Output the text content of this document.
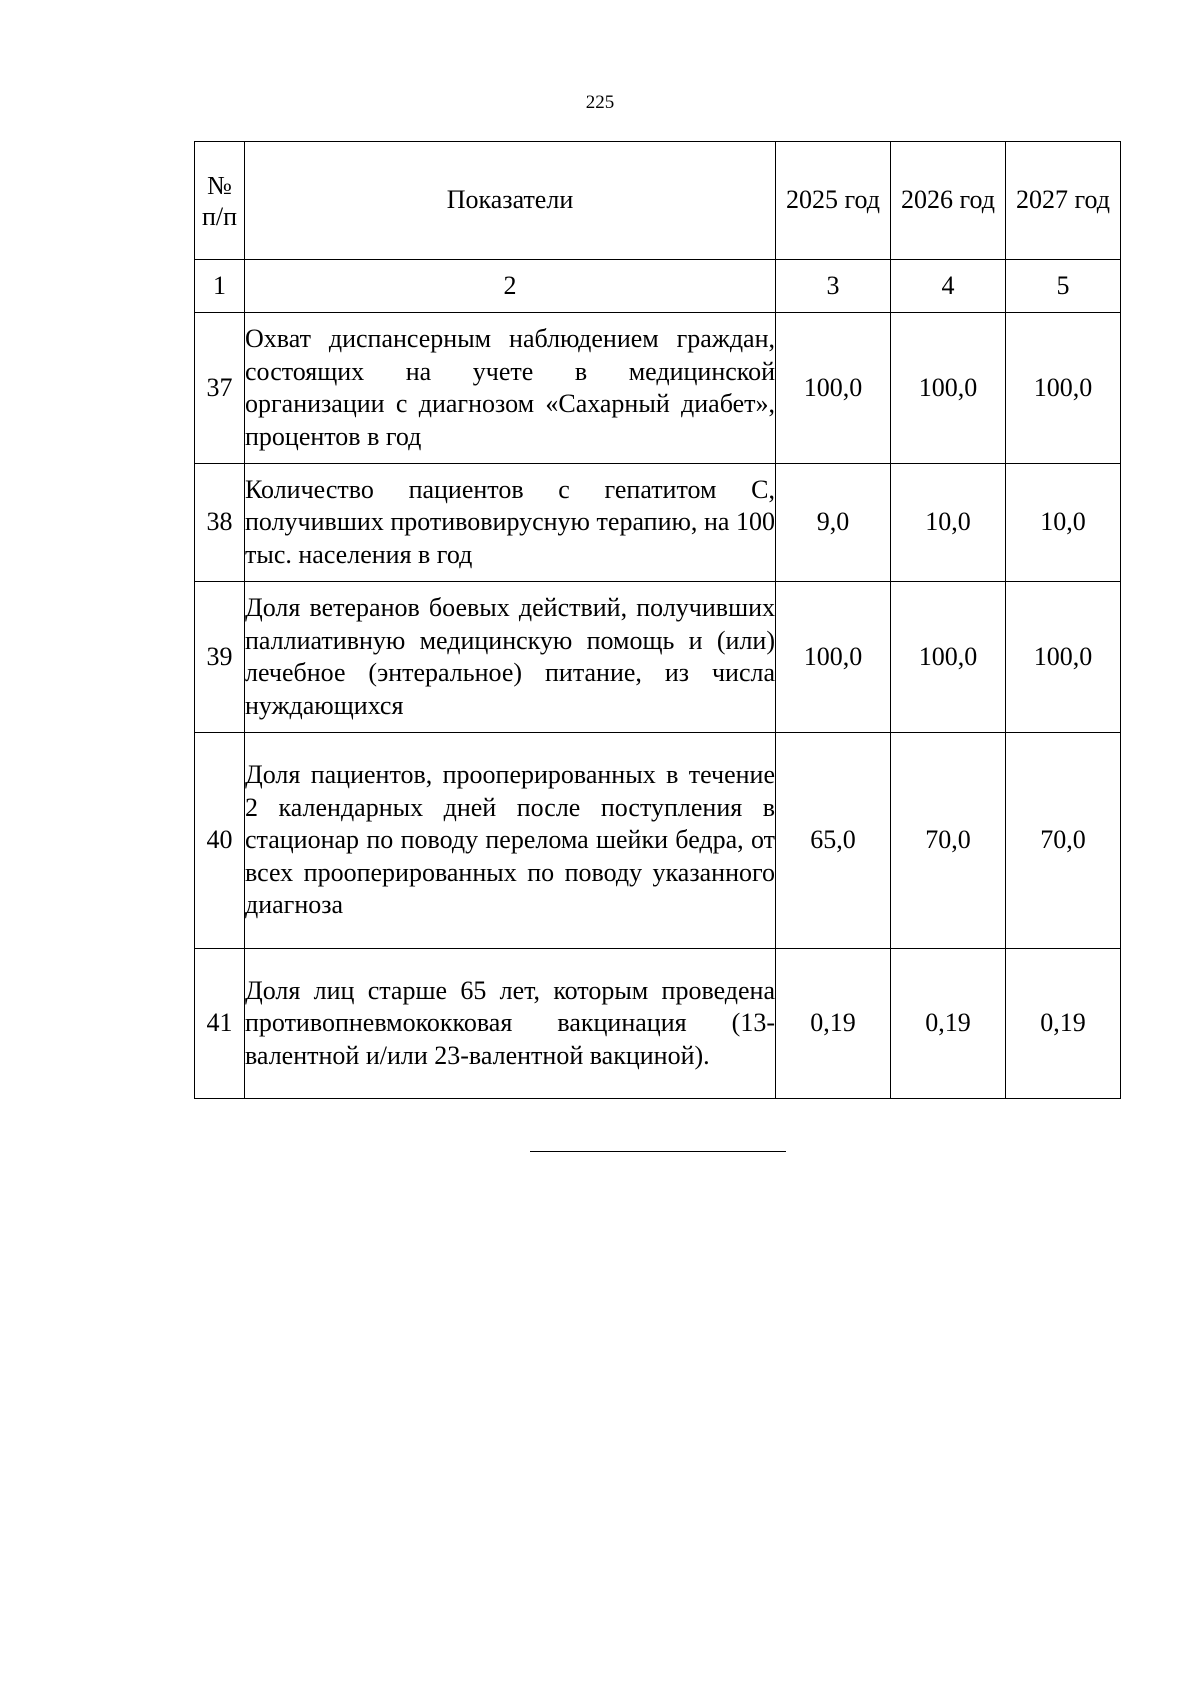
225
№ п/п	Показатели	2025 год	2026 год	2027 год
1	2	3	4	5
37	Охват диспансерным наблюдением граждан, состоящих на учете в медицинской организации с диагнозом «Сахарный диабет», процентов в год	100,0	100,0	100,0
38	Количество пациентов с гепатитом С, получивших противовирусную терапию, на 100 тыс. населения в год	9,0	10,0	10,0
39	Доля ветеранов боевых действий, получивших паллиативную медицинскую помощь и (или) лечебное (энтеральное) питание, из числа нуждающихся	100,0	100,0	100,0
40	Доля пациентов, прооперированных в течение 2 календарных дней после поступления в стационар по поводу перелома шейки бедра, от всех прооперированных по поводу указанного диагноза	65,0	70,0	70,0
41	Доля лиц старше 65 лет, которым проведена противопневмококковая вакцинация (13-валентной и/или 23-валентной вакциной).	0,19	0,19	0,19
